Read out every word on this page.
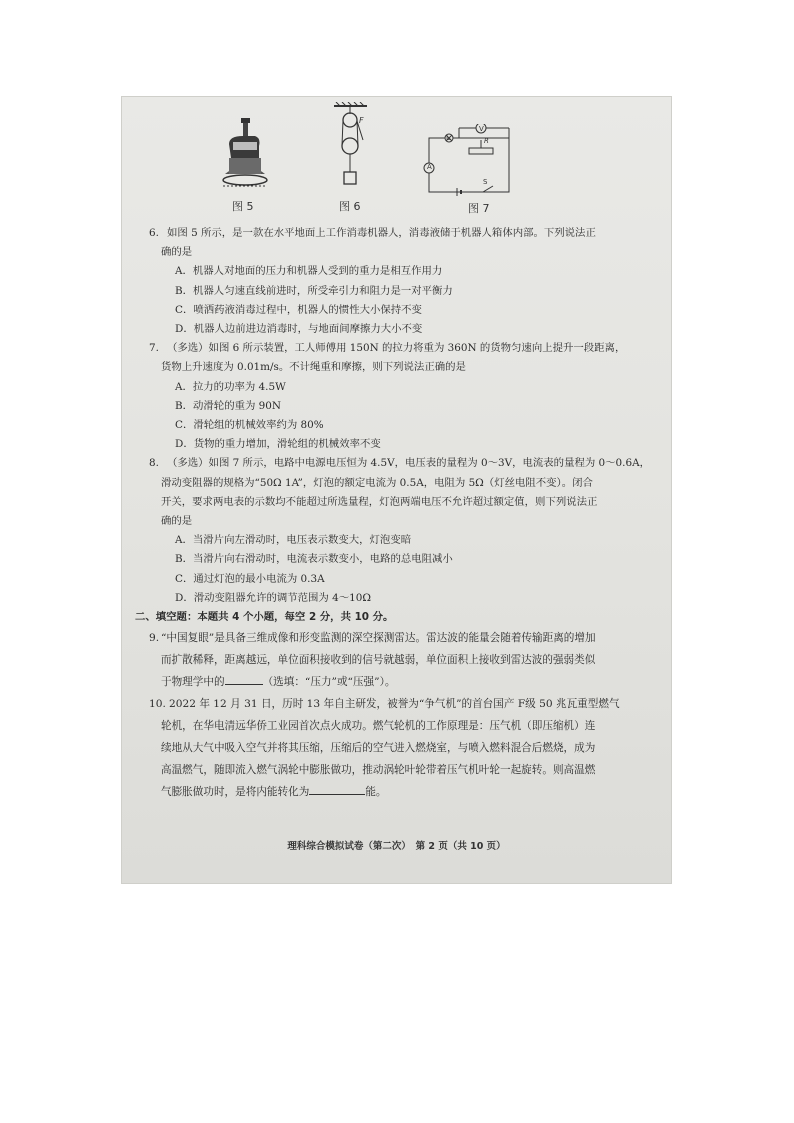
F
V
L	R
A
S
图 5	图 6	图 7

6. 如图 5 所示，是一款在水平地面上工作消毒机器人，消毒液储于机器人箱体内部。下列说法正

确的是

A．机器人对地面的压力和机器人受到的重力是相互作用力

B．机器人匀速直线前进时，所受牵引力和阻力是一对平衡力

C．喷洒药液消毒过程中，机器人的惯性大小保持不变

D．机器人边前进边消毒时，与地面间摩擦力大小不变

7. （多选）如图 6 所示装置，工人师傅用 150N 的拉力将重为 360N 的货物匀速向上提升一段距离，

货物上升速度为 0.01m/s。不计绳重和摩擦，则下列说法正确的是

A．拉力的功率为 4.5W

B．动滑轮的重为 90N

C．滑轮组的机械效率约为 80%

D．货物的重力增加，滑轮组的机械效率不变

8. （多选）如图 7 所示，电路中电源电压恒为 4.5V，电压表的量程为 0～3V，电流表的量程为 0～0.6A，

滑动变阻器的规格为“50Ω 1A”，灯泡的额定电流为 0.5A，电阻为 5Ω（灯丝电阻不变）。闭合

开关，要求两电表的示数均不能超过所选量程，灯泡两端电压不允许超过额定值，则下列说法正

确的是

A．当滑片向左滑动时，电压表示数变大，灯泡变暗

B．当滑片向右滑动时，电流表示数变小，电路的总电阻减小

C．通过灯泡的最小电流为 0.3A

D．滑动变阻器允许的调节范围为 4～10Ω

二、填空题：本题共 4 个小题，每空 2 分，共 10 分。

9. “中国复眼”是具备三维成像和形变监测的深空探测雷达。雷达波的能量会随着传输距离的增加

而扩散稀释，距离越远，单位面积接收到的信号就越弱，单位面积上接收到雷达波的强弱类似

于物理学中的	（选填：“压力”或“压强”）。

10. 2022 年 12 月 31 日，历时 13 年自主研发，被誉为“争气机”的首台国产 F级 50 兆瓦重型燃气

轮机，在华电清远华侨工业园首次点火成功。燃气轮机的工作原理是：压气机（即压缩机）连

续地从大气中吸入空气并将其压缩，压缩后的空气进入燃烧室，与喷入燃料混合后燃烧，成为

高温燃气，随即流入燃气涡轮中膨胀做功，推动涡轮叶轮带着压气机叶轮一起旋转。则高温燃

气膨胀做功时，是将内能转化为	能。

理科综合模拟试卷（第二次）　第 2 页（共 10 页）
